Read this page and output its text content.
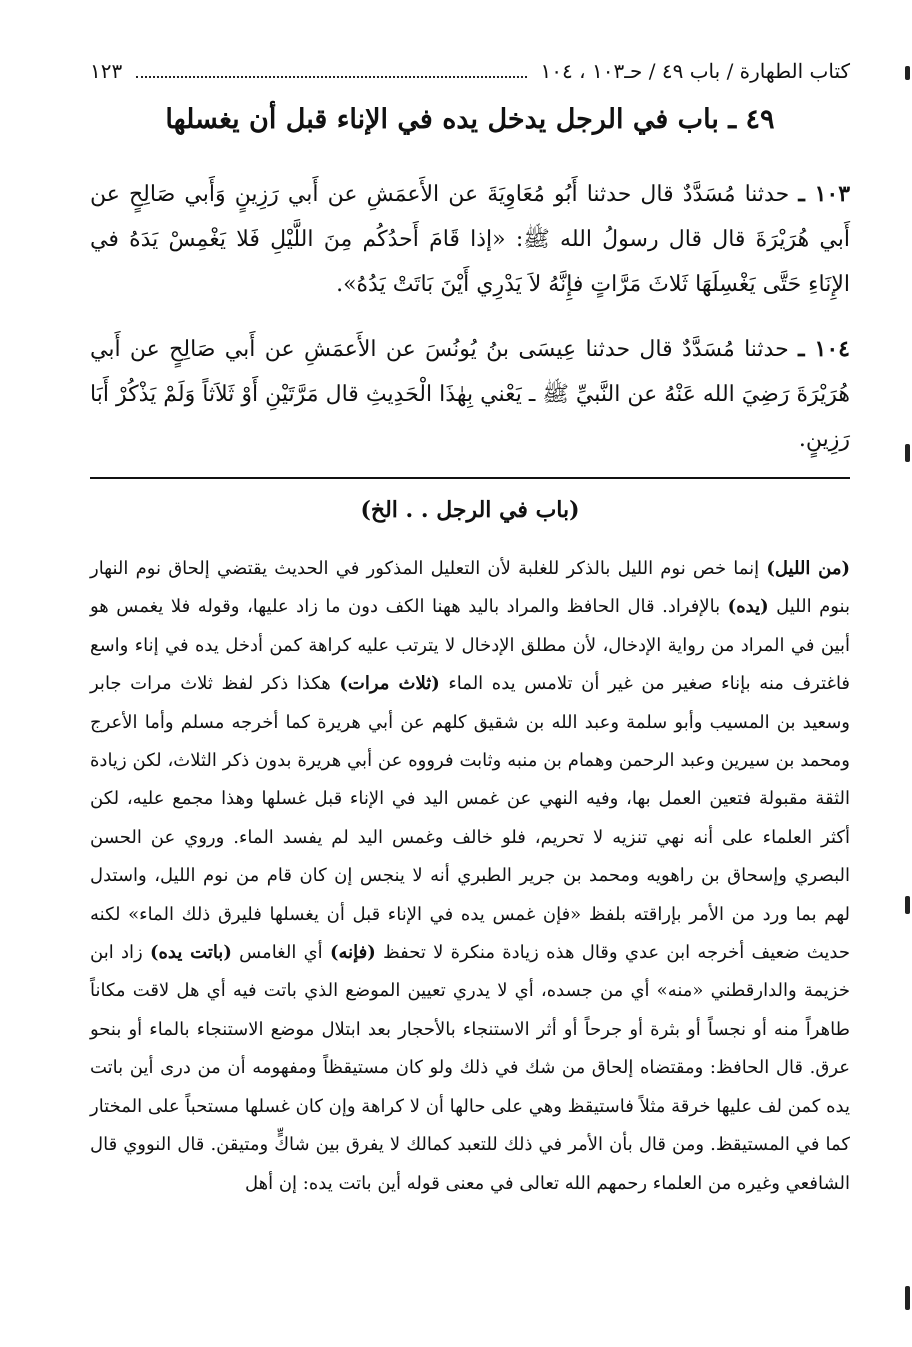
كتاب الطهارة / باب ٤٩ / حـ١٠٣ ، ١٠٤
١٢٣
٤٩ ـ باب في الرجل يدخل يده في الإناء قبل أن يغسلها
١٠٣ ـ حدثنا مُسَدَّدٌ قال حدثنا أَبُو مُعَاوِيَةَ عن الأَعمَشِ عن أَبي رَزِينٍ وَأَبي صَالِحٍ عن أَبي هُرَيْرَةَ قال قال رسولُ الله ﷺ: «إذا قَامَ أَحدُكُم مِنَ اللَّيْلِ فَلا يَغْمِسْ يَدَهُ في الإِنَاءِ حَتَّى يَغْسِلَهَا ثَلاثَ مَرَّاتٍ فإِنَّهُ لاَ يَدْرِي أَيْنَ بَاتَتْ يَدُهُ».
١٠٤ ـ حدثنا مُسَدَّدٌ قال حدثنا عِيسَى بنُ يُونُسَ عن الأَعمَشِ عن أَبي صَالِحٍ عن أَبي هُرَيْرَةَ رَضِيَ الله عَنْهُ عن النَّبيِّ ﷺ ـ يَعْني بِهٰذَا الْحَدِيثِ قال مَرَّتَيْنِ أَوْ ثَلاَثاً وَلَمْ يَذْكُرْ أَبَا رَزِينٍ.
(باب في الرجل . . الخ)
(من الليل) إنما خص نوم الليل بالذكر للغلبة لأن التعليل المذكور في الحديث يقتضي إلحاق نوم النهار بنوم الليل (يده) بالإفراد. قال الحافظ والمراد باليد ههنا الكف دون ما زاد عليها، وقوله فلا يغمس هو أبين في المراد من رواية الإدخال، لأن مطلق الإدخال لا يترتب عليه كراهة كمن أدخل يده في إناء واسع فاغترف منه بإناء صغير من غير أن تلامس يده الماء (ثلاث مرات) هكذا ذكر لفظ ثلاث مرات جابر وسعيد بن المسيب وأبو سلمة وعبد الله بن شقيق كلهم عن أبي هريرة كما أخرجه مسلم وأما الأعرج ومحمد بن سيرين وعبد الرحمن وهمام بن منبه وثابت فرووه عن أبي هريرة بدون ذكر الثلاث، لكن زيادة الثقة مقبولة فتعين العمل بها، وفيه النهي عن غمس اليد في الإناء قبل غسلها وهذا مجمع عليه، لكن أكثر العلماء على أنه نهي تنزيه لا تحريم، فلو خالف وغمس اليد لم يفسد الماء. وروي عن الحسن البصري وإسحاق بن راهويه ومحمد بن جرير الطبري أنه لا ينجس إن كان قام من نوم الليل، واستدل لهم بما ورد من الأمر بإراقته بلفظ «فإن غمس يده في الإناء قبل أن يغسلها فليرق ذلك الماء» لكنه حديث ضعيف أخرجه ابن عدي وقال هذه زيادة منكرة لا تحفظ (فإنه) أي الغامس (باتت يده) زاد ابن خزيمة والدارقطني «منه» أي من جسده، أي لا يدري تعيين الموضع الذي باتت فيه أي هل لاقت مكاناً طاهراً منه أو نجساً أو بثرة أو جرحاً أو أثر الاستنجاء بالأحجار بعد ابتلال موضع الاستنجاء بالماء أو بنحو عرق. قال الحافظ: ومقتضاه إلحاق من شك في ذلك ولو كان مستيقظاً ومفهومه أن من درى أين باتت يده كمن لف عليها خرقة مثلاً فاستيقظ وهي على حالها أن لا كراهة وإن كان غسلها مستحباً على المختار كما في المستيقظ. ومن قال بأن الأمر في ذلك للتعبد كمالك لا يفرق بين شاكٍّ ومتيقن. قال النووي قال الشافعي وغيره من العلماء رحمهم الله تعالى في معنى قوله أين باتت يده: إن أهل
